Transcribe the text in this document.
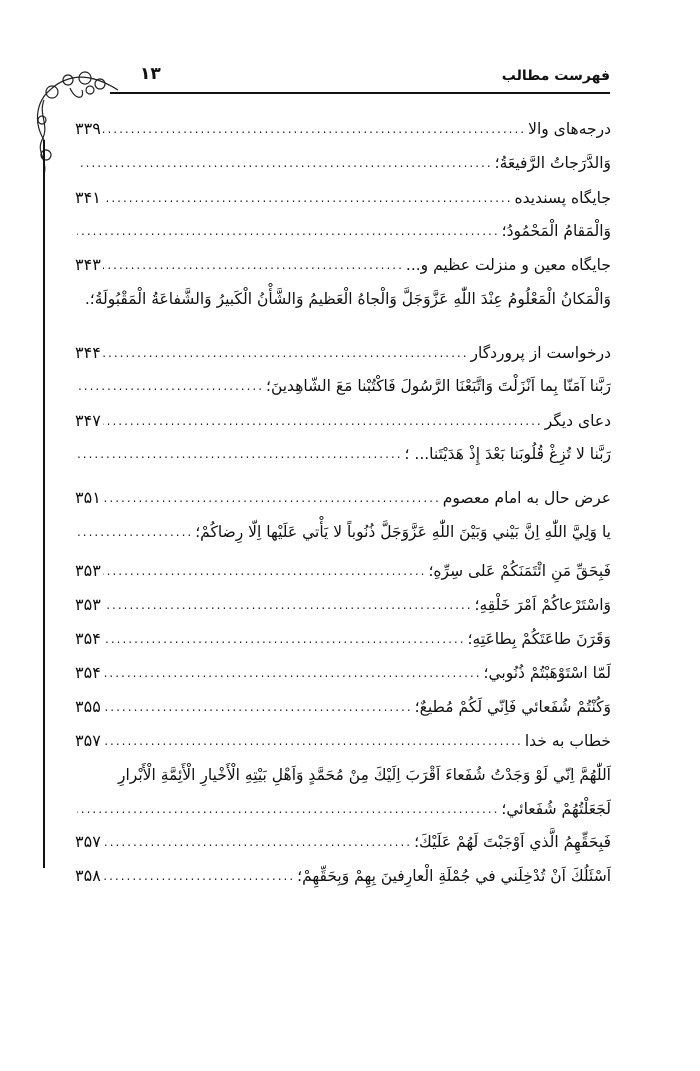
فهرست مطالب
۱۳
درجه‌های والا
.....
۳۳۹
وَالدَّرَجاتُ الرَّفيعَةُ؛
.....
جايگاه پسنديده
.....
۳۴۱
وَالْمَقامُ الْمَحْمُودُ؛
.....
جايگاه معين و منزلت عظيم و...
.....
۳۴۳
وَالْمَكانُ الْمَعْلُومُ عِنْدَ اللّٰهِ عَزَّوَجَلَّ وَالْجاهُ الْعَظيمُ وَالشَّأْنُ الْكَبيرُ وَالشَّفاعَةُ الْمَقْبُولَةُ؛.
درخواست از پروردگار
.....
۳۴۴
رَبَّنا آمَنّا بِما اَنْزَلْتَ وَاتَّبَعْنَا الرَّسُولَ فَاكْتُبْنا مَعَ الشّاهِدينَ؛
.....
دعای ديگر
.....
۳۴۷
رَبَّنا لا تُزِغْ قُلُوبَنا بَعْدَ إِذْ هَدَيْتَنا... ؛
.....
عرض حال به امام معصوم
.....
۳۵۱
يا وَلِيَّ اللّٰهِ اِنَّ بَيْني وَبَيْنَ اللّٰهِ عَزَّوَجَلَّ ذُنُوباً لا يَأْتي عَلَيْها اِلّا رِضاكُمْ؛
.....
فَبِحَقِّ مَنِ ائْتَمَنَكُمْ عَلى سِرِّهِ؛
.....
۳۵۳
وَاسْتَرْعاكُمْ اَمْرَ خَلْقِهِ؛
.....
۳۵۳
وَقَرَنَ طاعَتَكُمْ بِطاعَتِهِ؛
.....
۳۵۴
لَمّا اسْتَوْهَبْتُمْ ذُنُوبي؛
.....
۳۵۴
وَكُنْتُمْ شُفَعائي فَاِنّي لَكُمْ مُطيعٌ؛
.....
۳۵۵
خطاب به خدا
.....
۳۵۷
اَللّٰهُمَّ اِنّي لَوْ وَجَدْتُ شُفَعاءَ اَقْرَبَ اِلَيْكَ مِنْ مُحَمَّدٍ وَاَهْلِ بَيْتِهِ الْأَخْيارِ الْأَئِمَّةِ الْأَبْرارِ
لَجَعَلْتُهُمْ شُفَعائي؛
.....
فَبِحَقِّهِمُ الَّذي اَوْجَبْتَ لَهُمْ عَلَيْكَ؛
.....
۳۵۷
اَسْئَلُكَ اَنْ تُدْخِلَني في جُمْلَةِ الْعارِفينَ بِهِمْ وَبِحَقِّهِمْ؛
.....
۳۵۸
